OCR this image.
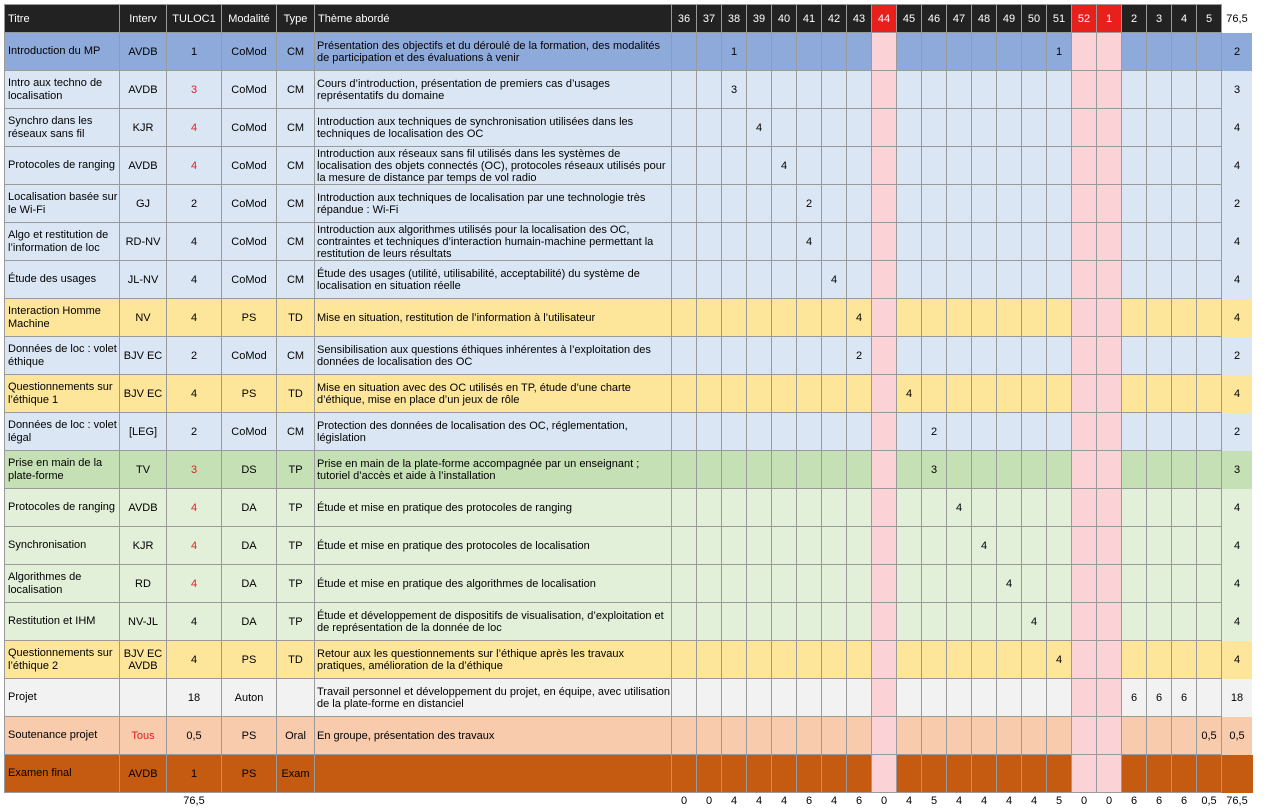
Titre	Interv	TULOC1	Modalité	Type	Thème abordé	36	37	38	39	40	41	42	43	44	45	46	47	48	49	50	51	52	1	2	3	4	5	76,5
Introduction du MP	AVDB	1	CoMod	CM	Présentation des objectifs et du déroulé de la formation, des modalités de participation et des évaluations à venir			1													1							2
Intro aux techno de localisation	AVDB	3	CoMod	CM	Cours d’introduction, présentation de premiers cas d’usages représentatifs du domaine			3																				3
Synchro dans les réseaux sans fil	KJR	4	CoMod	CM	Introduction aux techniques de synchronisation utilisées dans les techniques de localisation des OC				4																			4
Protocoles de ranging	AVDB	4	CoMod	CM	Introduction aux réseaux sans fil utilisés dans les systèmes de localisation des objets connectés (OC), protocoles réseaux utilisés pour la mesure de distance par temps de vol radio					4																		4
Localisation basée sur le Wi-Fi	GJ	2	CoMod	CM	Introduction aux techniques de localisation par une technologie très répandue : Wi-Fi						2																	2
Algo et restitution de l’information de loc	RD-NV	4	CoMod	CM	Introduction aux algorithmes utilisés pour la localisation des OC, contraintes et techniques d’interaction humain-machine permettant la restitution de leurs résultats						4																	4
Étude des usages	JL-NV	4	CoMod	CM	Étude des usages (utilité, utilisabilité, acceptabilité) du système de localisation en situation réelle							4																4
Interaction Homme Machine	NV	4	PS	TD	Mise en situation, restitution de l’information à l’utilisateur								4															4
Données de loc : volet éthique	BJV EC	2	CoMod	CM	Sensibilisation aux questions éthiques inhérentes à l’exploitation des données de localisation des OC								2															2
Questionnements sur l’éthique 1	BJV EC	4	PS	TD	Mise en situation avec des OC utilisés en TP, étude d’une charte d’éthique, mise en place d’un jeux de rôle										4													4
Données de loc : volet légal	[LEG]	2	CoMod	CM	Protection des données de localisation des OC, réglementation, législation											2												2
Prise en main de la plate-forme	TV	3	DS	TP	Prise en main de la plate-forme accompagnée par un enseignant ; tutoriel d’accès et aide à l’installation											3												3
Protocoles de ranging	AVDB	4	DA	TP	Étude et mise en pratique des protocoles de ranging												4											4
Synchronisation	KJR	4	DA	TP	Étude et mise en pratique des protocoles de localisation													4										4
Algorithmes de localisation	RD	4	DA	TP	Étude et mise en pratique des algorithmes de localisation														4									4
Restitution et IHM	NV-JL	4	DA	TP	Étude et développement de dispositifs de visualisation, d’exploitation et de représentation de la donnée de loc															4								4
Questionnements sur l’éthique 2	BJV EC AVDB	4	PS	TD	Retour aux les questionnements sur l’éthique après les travaux pratiques, amélioration de la d’éthique																4							4
Projet		18	Auton		Travail personnel et développement du projet, en équipe, avec utilisation de la plate-forme en distanciel																			6	6	6		18
Soutenance projet	Tous	0,5	PS	Oral	En groupe, présentation des travaux																						0,5	0,5
Examen final	AVDB	1	PS	Exam																								
		76,5				0	0	4	4	4	6	4	6	0	4	5	4	4	4	4	5	0	0	6	6	6	0,5	76,5
